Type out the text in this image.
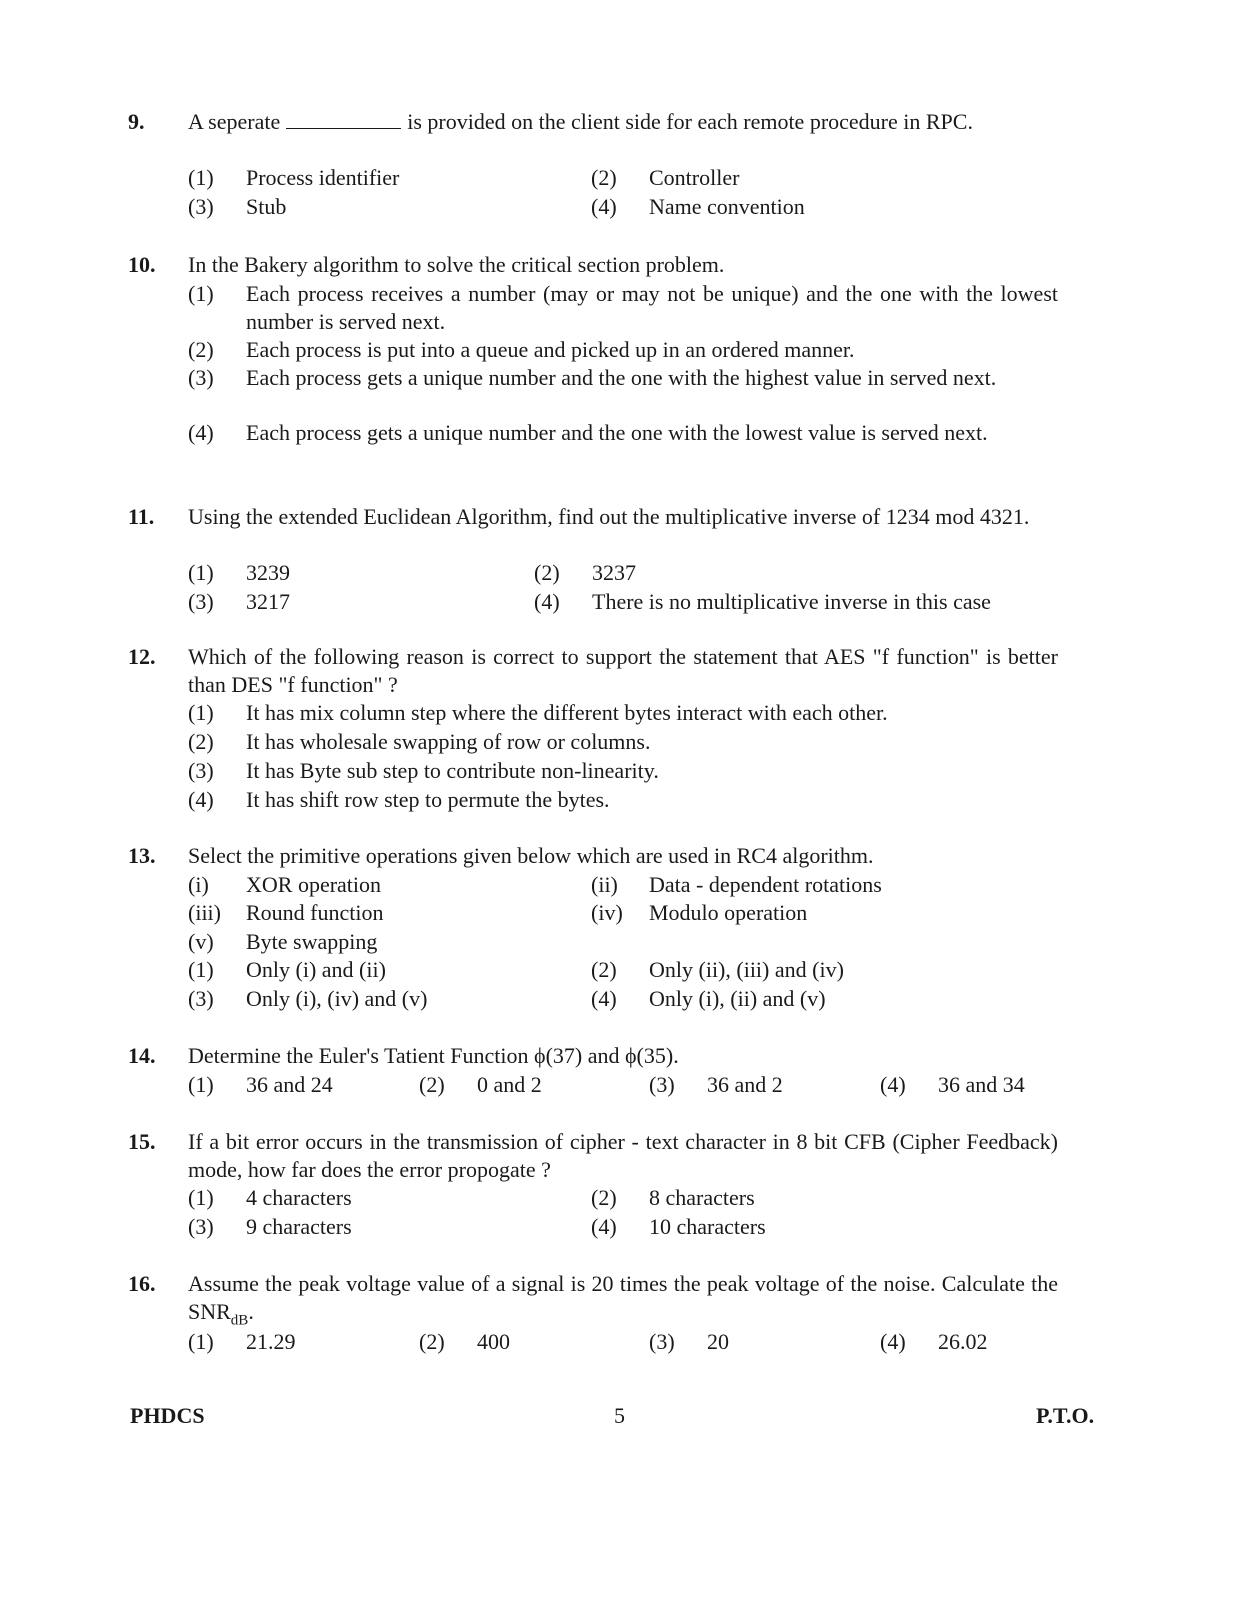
9. A seperate	is provided on the client side for each remote procedure in RPC.
(1) Process identifier	(2) Controller
(3) Stub	(4) Name convention
10. In the Bakery algorithm to solve the critical section problem.
(1) Each process receives a number (may or may not be unique) and the one with the lowest number is served next.
(2) Each process is put into a queue and picked up in an ordered manner.
(3) Each process gets a unique number and the one with the highest value in served next.
(4) Each process gets a unique number and the one with the lowest value is served next.
11. Using the extended Euclidean Algorithm, find out the multiplicative inverse of 1234 mod 4321.
(1) 3239	(2) 3237
(3) 3217	(4) There is no multiplicative inverse in this case
12. Which of the following reason is correct to support the statement that AES "f function" is better than DES "f function" ?
(1) It has mix column step where the different bytes interact with each other.
(2) It has wholesale swapping of row or columns.
(3) It has Byte sub step to contribute non-linearity.
(4) It has shift row step to permute the bytes.
13. Select the primitive operations given below which are used in RC4 algorithm.
(i) XOR operation	(ii) Data - dependent rotations
(iii) Round function	(iv) Modulo operation
(v) Byte swapping
(1) Only (i) and (ii)	(2) Only (ii), (iii) and (iv)
(3) Only (i), (iv) and (v)	(4) Only (i), (ii) and (v)
14. Determine the Euler's Tatient Function ϕ(37) and ϕ(35).
(1) 36 and 24	(2) 0 and 2	(3) 36 and 2	(4) 36 and 34
15. If a bit error occurs in the transmission of cipher - text character in 8 bit CFB (Cipher Feedback) mode, how far does the error propogate ?
(1) 4 characters	(2) 8 characters
(3) 9 characters	(4) 10 characters
16. Assume the peak voltage value of a signal is 20 times the peak voltage of the noise. Calculate the $SNR_{dB}$.
(1) 21.29	(2) 400	(3) 20	(4) 26.02
PHDCS	5	P.T.O.
